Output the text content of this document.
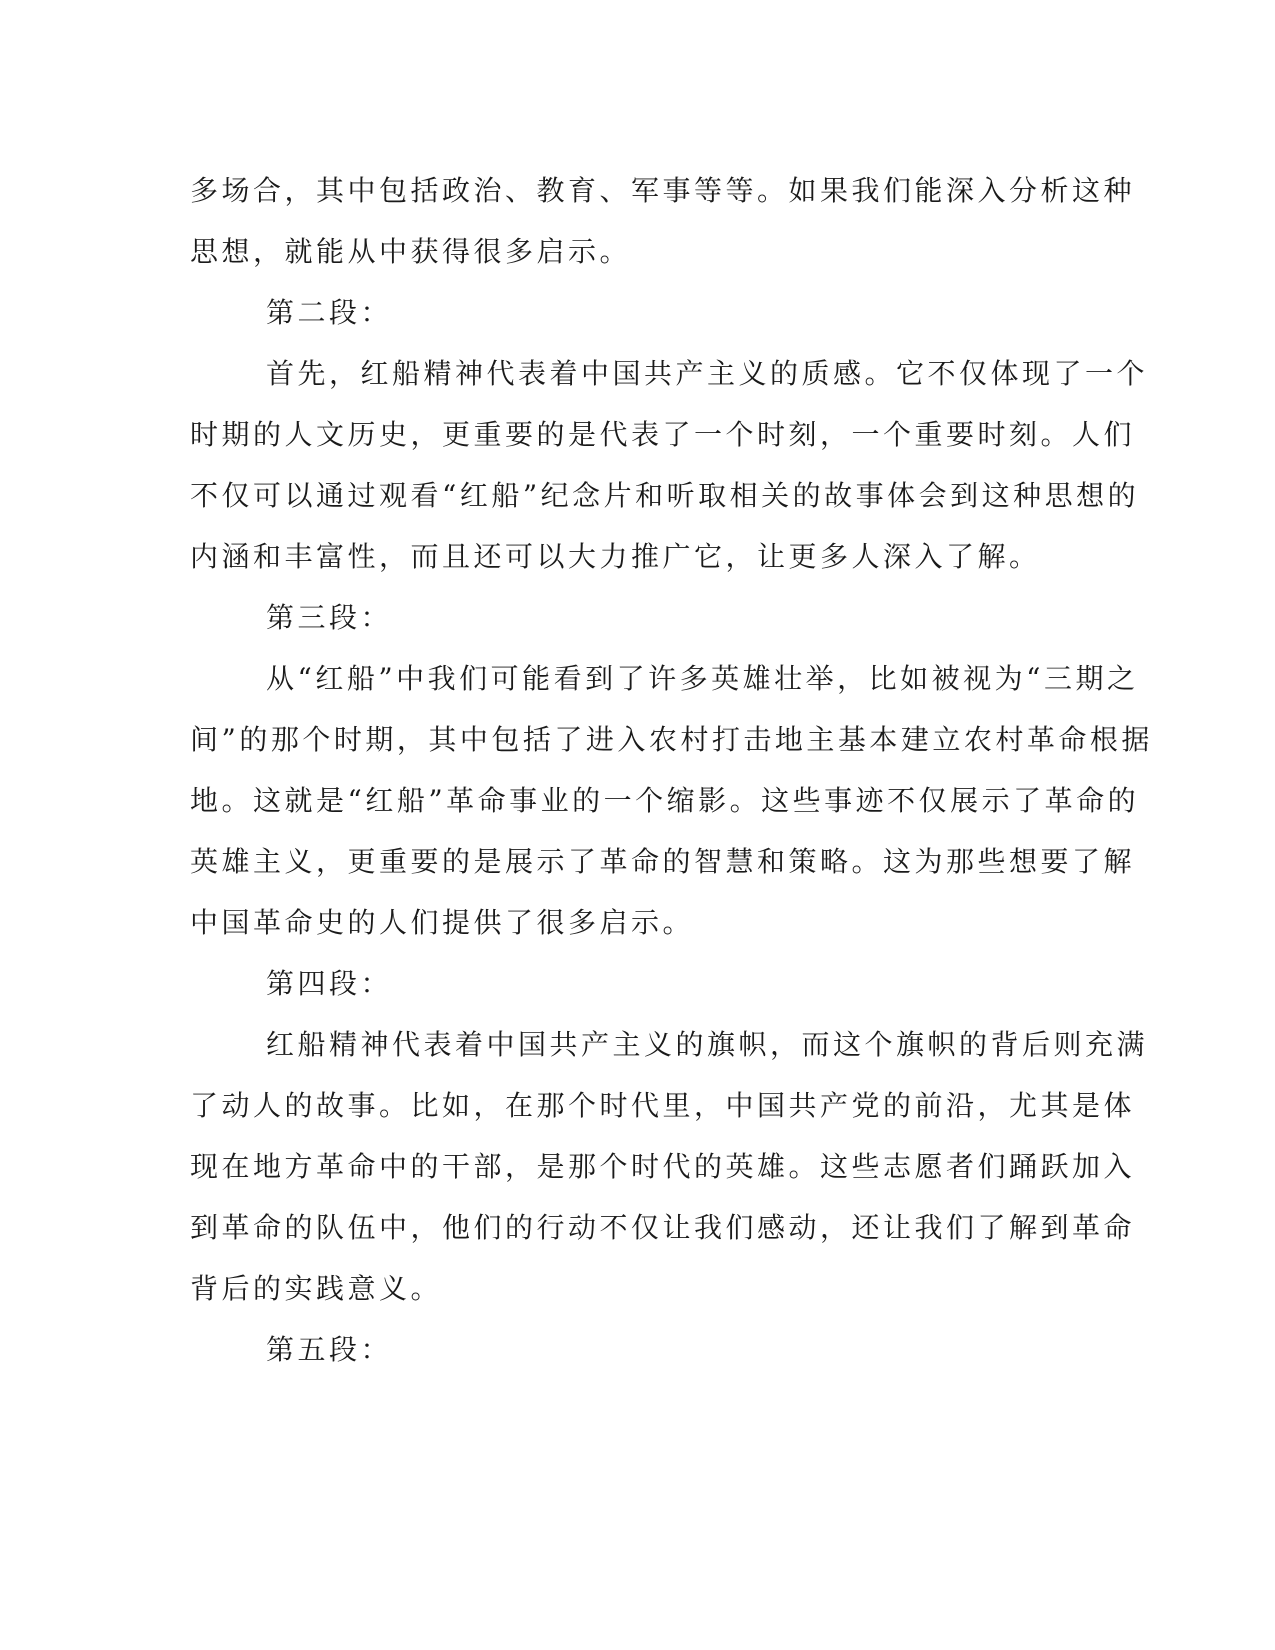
多场合，其中包括政治、教育、军事等等。如果我们能深入分析这种
思想，就能从中获得很多启示。
第二段：
首先，红船精神代表着中国共产主义的质感。它不仅体现了一个
时期的人文历史，更重要的是代表了一个时刻，一个重要时刻。人们
不仅可以通过观看“红船”纪念片和听取相关的故事体会到这种思想的
内涵和丰富性，而且还可以大力推广它，让更多人深入了解。
第三段：
从“红船”中我们可能看到了许多英雄壮举，比如被视为“三期之
间”的那个时期，其中包括了进入农村打击地主基本建立农村革命根据
地。这就是“红船”革命事业的一个缩影。这些事迹不仅展示了革命的
英雄主义，更重要的是展示了革命的智慧和策略。这为那些想要了解
中国革命史的人们提供了很多启示。
第四段：
红船精神代表着中国共产主义的旗帜，而这个旗帜的背后则充满
了动人的故事。比如，在那个时代里，中国共产党的前沿，尤其是体
现在地方革命中的干部，是那个时代的英雄。这些志愿者们踊跃加入
到革命的队伍中，他们的行动不仅让我们感动，还让我们了解到革命
背后的实践意义。
第五段：
